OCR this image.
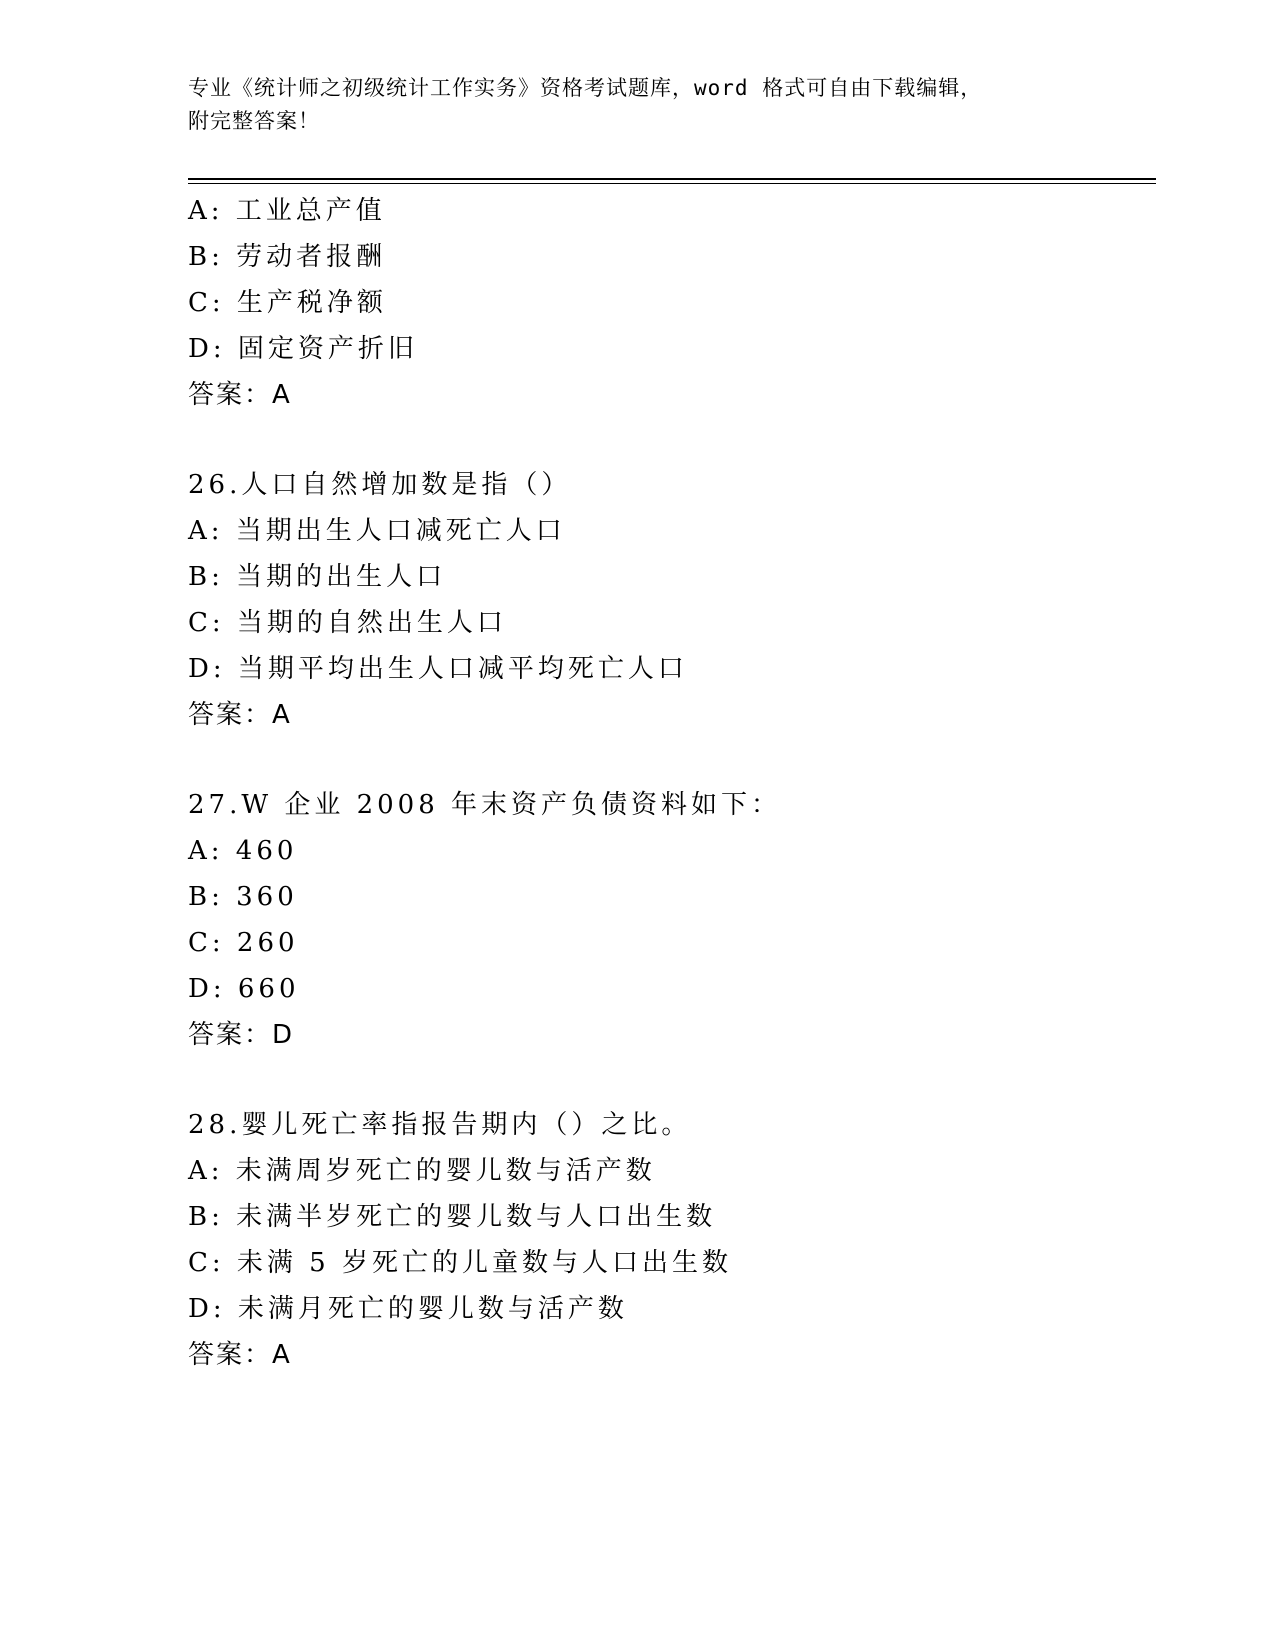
专业《统计师之初级统计工作实务》资格考试题库，word 格式可自由下载编辑，
附完整答案！
A: 工业总产值
B: 劳动者报酬
C: 生产税净额
D: 固定资产折旧
答案：A
26.人口自然增加数是指（）
A: 当期出生人口减死亡人口
B: 当期的出生人口
C: 当期的自然出生人口
D: 当期平均出生人口减平均死亡人口
答案：A
27.W 企业 2008 年末资产负债资料如下：
A: 460
B: 360
C: 260
D: 660
答案：D
28.婴儿死亡率指报告期内（）之比。
A: 未满周岁死亡的婴儿数与活产数
B: 未满半岁死亡的婴儿数与人口出生数
C: 未满 5 岁死亡的儿童数与人口出生数
D: 未满月死亡的婴儿数与活产数
答案：A
